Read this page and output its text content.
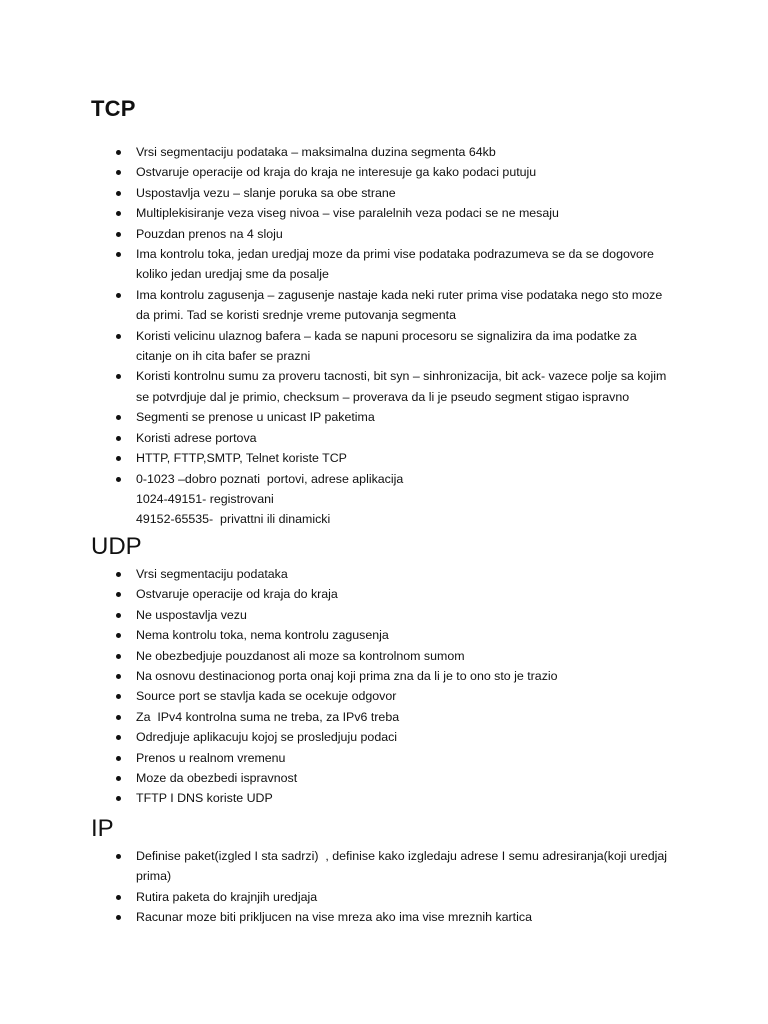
TCP
Vrsi segmentaciju podataka – maksimalna duzina segmenta 64kb
Ostvaruje operacije od kraja do kraja ne interesuje ga kako podaci putuju
Uspostavlja vezu – slanje poruka sa obe strane
Multiplekisiranje veza viseg nivoa – vise paralelnih veza podaci se ne mesaju
Pouzdan prenos na 4 sloju
Ima kontrolu toka, jedan uredjaj moze da primi vise podataka podrazumeva se da se dogovore
koliko jedan uredjaj sme da posalje
Ima kontrolu zagusenja – zagusenje nastaje kada neki ruter prima vise podataka nego sto moze
da primi. Tad se koristi srednje vreme putovanja segmenta
Koristi velicinu ulaznog bafera – kada se napuni procesoru se signalizira da ima podatke za
citanje on ih cita bafer se prazni
Koristi kontrolnu sumu za proveru tacnosti, bit syn – sinhronizacija, bit ack- vazece polje sa kojim
se potvrdjuje dal je primio, checksum – proverava da li je pseudo segment stigao ispravno
Segmenti se prenose u unicast IP paketima
Koristi adrese portova
HTTP, FTTP,SMTP, Telnet koriste TCP
0-1023 –dobro poznati  portovi, adrese aplikacija
1024-49151- registrovani
49152-65535-  privattni ili dinamicki
UDP
Vrsi segmentaciju podataka
Ostvaruje operacije od kraja do kraja
Ne uspostavlja vezu
Nema kontrolu toka, nema kontrolu zagusenja
Ne obezbedjuje pouzdanost ali moze sa kontrolnom sumom
Na osnovu destinacionog porta onaj koji prima zna da li je to ono sto je trazio
Source port se stavlja kada se ocekuje odgovor
Za  IPv4 kontrolna suma ne treba, za IPv6 treba
Odredjuje aplikacuju kojoj se prosledjuju podaci
Prenos u realnom vremenu
Moze da obezbedi ispravnost
TFTP I DNS koriste UDP
IP
Definise paket(izgled I sta sadrzi)  , definise kako izgledaju adrese I semu adresiranja(koji uredjaj
prima)
Rutira paketa do krajnjih uredjaja
Racunar moze biti prikljucen na vise mreza ako ima vise mreznih kartica
